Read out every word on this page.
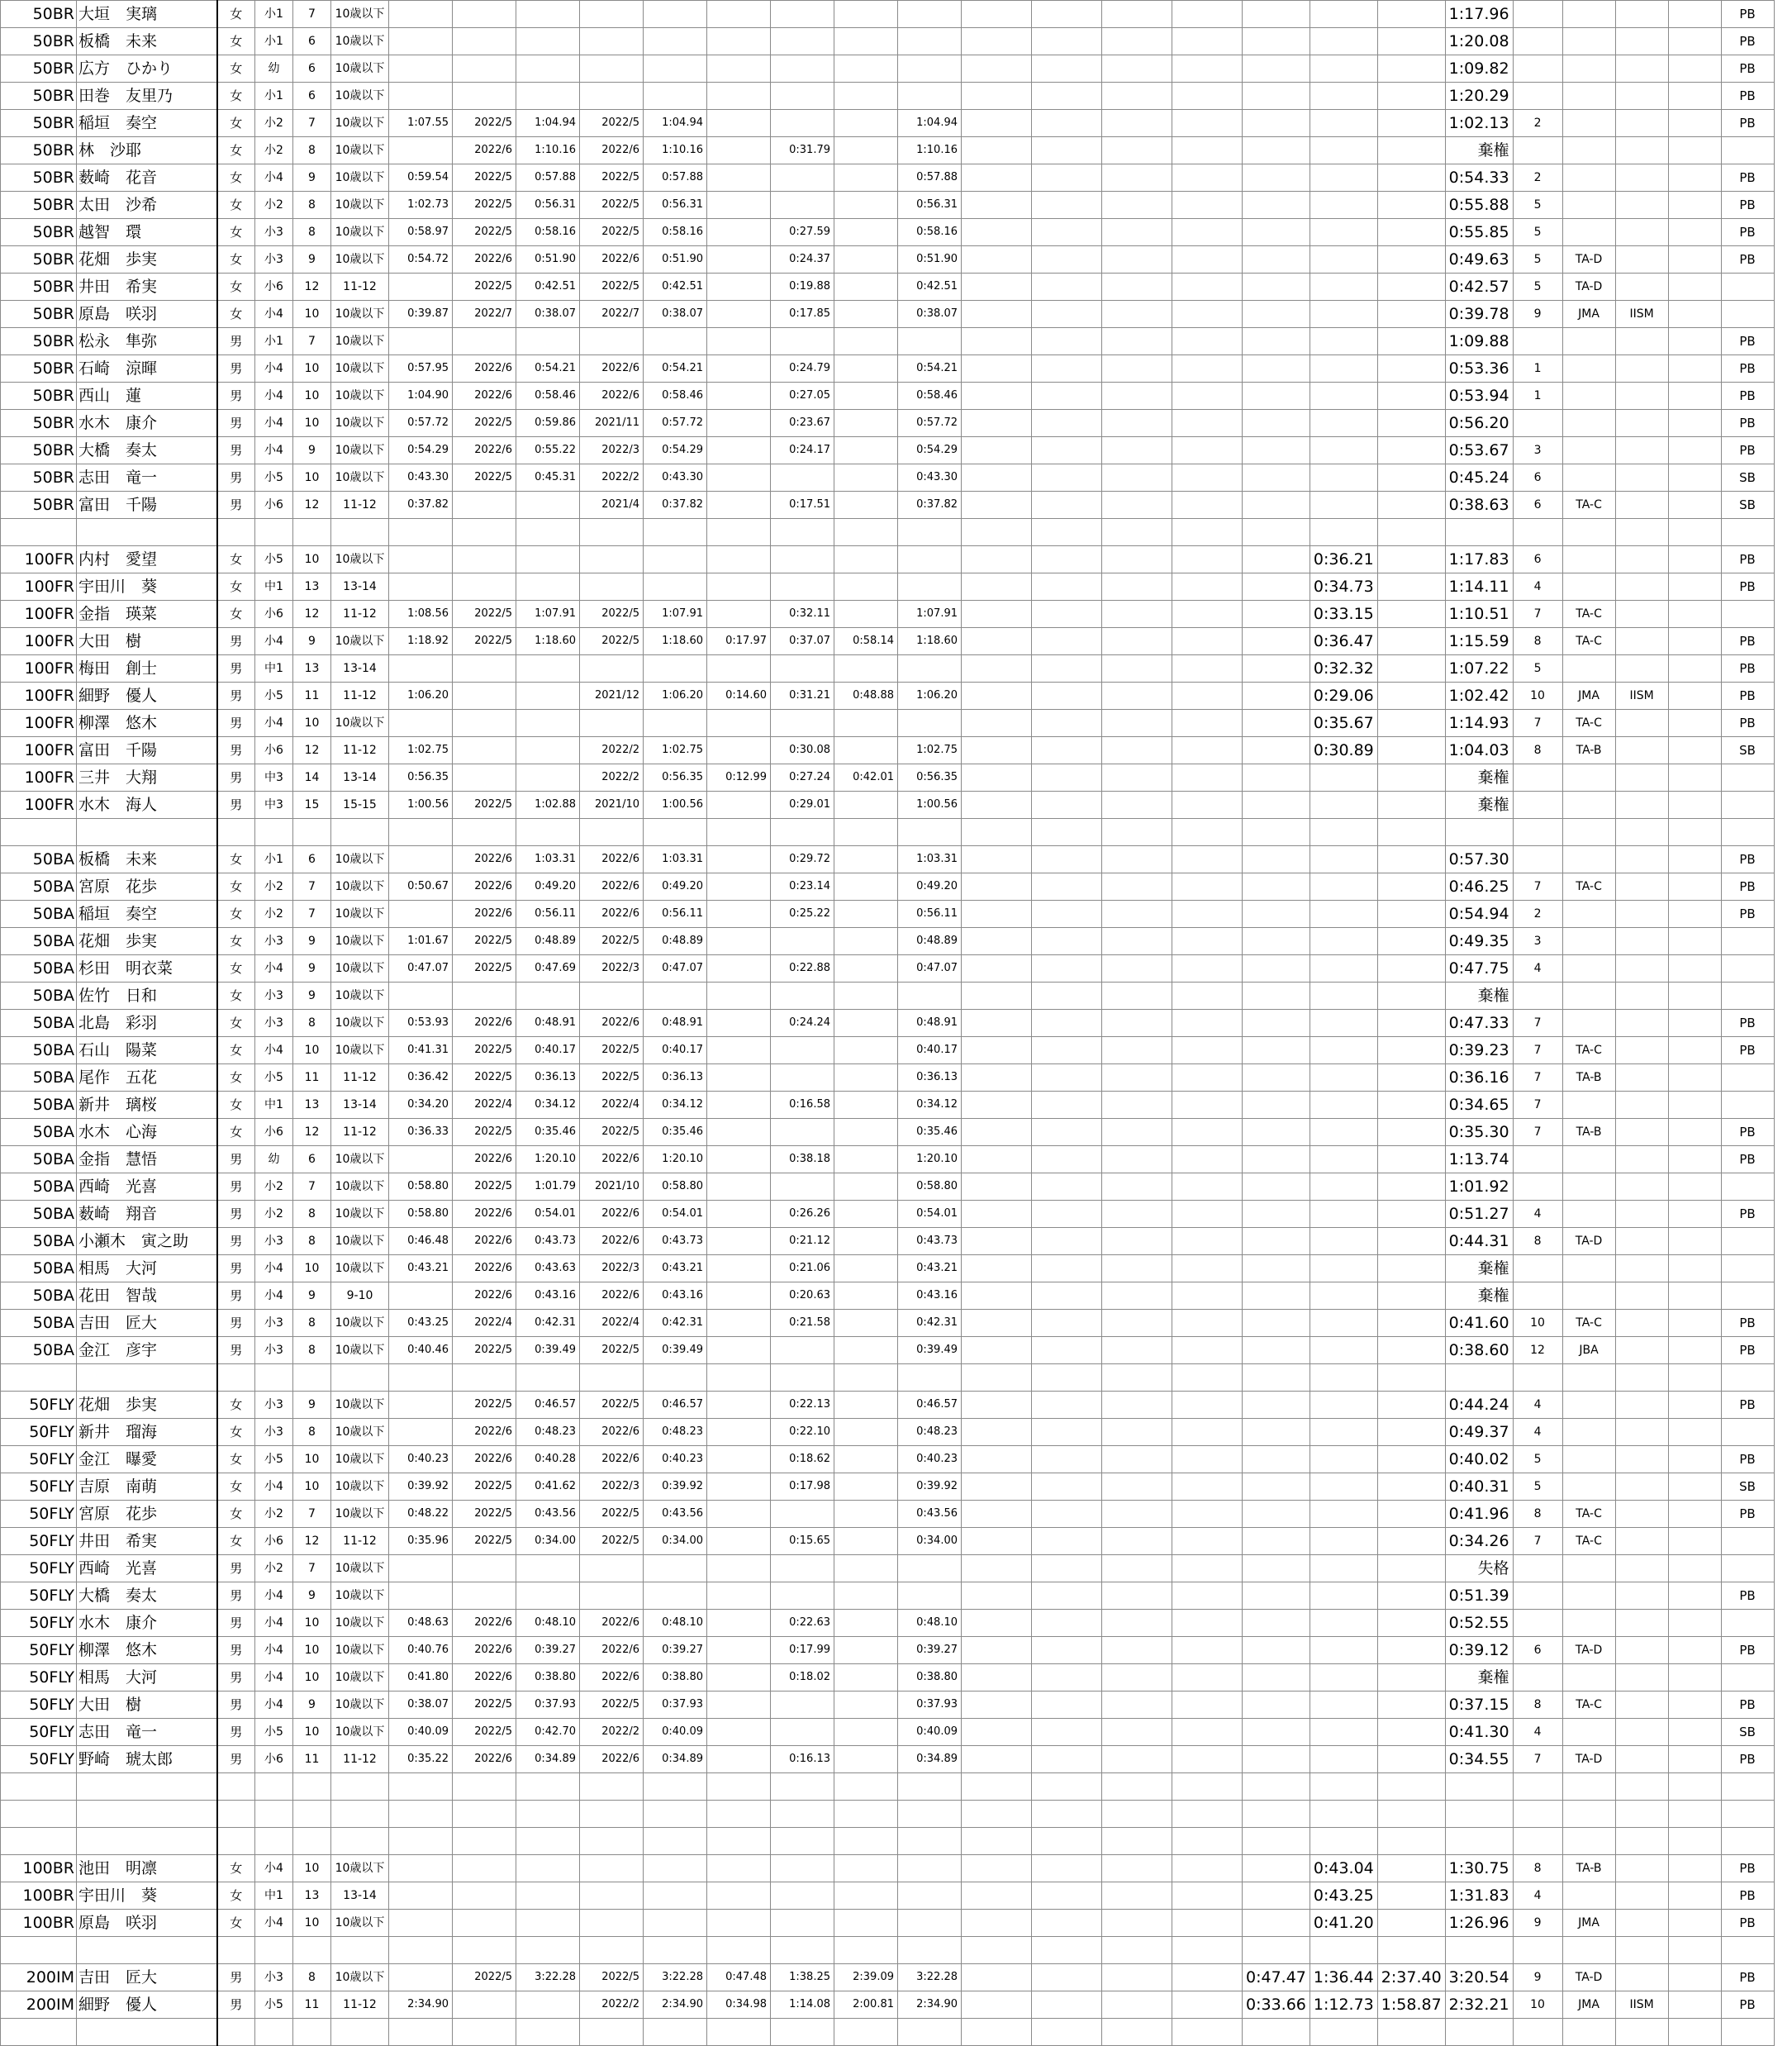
50BR	大垣　実璃	女	小1	7	10歳以下																	1:17.96					PB
50BR	板橋　未来	女	小1	6	10歳以下																	1:20.08					PB
50BR	広方　ひかり	女	幼	6	10歳以下																	1:09.82					PB
50BR	田巻　友里乃	女	小1	6	10歳以下																	1:20.29					PB
50BR	稲垣　奏空	女	小2	7	10歳以下	1:07.55	2022/5	1:04.94	2022/5	1:04.94				1:04.94								1:02.13	2				PB
50BR	林　沙耶	女	小2	8	10歳以下		2022/6	1:10.16	2022/6	1:10.16		0:31.79		1:10.16								棄権					
50BR	薮崎　花音	女	小4	9	10歳以下	0:59.54	2022/5	0:57.88	2022/5	0:57.88				0:57.88								0:54.33	2				PB
50BR	太田　沙希	女	小2	8	10歳以下	1:02.73	2022/5	0:56.31	2022/5	0:56.31				0:56.31								0:55.88	5				PB
50BR	越智　環	女	小3	8	10歳以下	0:58.97	2022/5	0:58.16	2022/5	0:58.16		0:27.59		0:58.16								0:55.85	5				PB
50BR	花畑　歩実	女	小3	9	10歳以下	0:54.72	2022/6	0:51.90	2022/6	0:51.90		0:24.37		0:51.90								0:49.63	5	TA-D			PB
50BR	井田　希実	女	小6	12	11-12		2022/5	0:42.51	2022/5	0:42.51		0:19.88		0:42.51								0:42.57	5	TA-D			
50BR	原島　咲羽	女	小4	10	10歳以下	0:39.87	2022/7	0:38.07	2022/7	0:38.07		0:17.85		0:38.07								0:39.78	9	JMA	IISM		
50BR	松永　隼弥	男	小1	7	10歳以下																	1:09.88					PB
50BR	石崎　涼暉	男	小4	10	10歳以下	0:57.95	2022/6	0:54.21	2022/6	0:54.21		0:24.79		0:54.21								0:53.36	1				PB
50BR	西山　蓮	男	小4	10	10歳以下	1:04.90	2022/6	0:58.46	2022/6	0:58.46		0:27.05		0:58.46								0:53.94	1				PB
50BR	水木　康介	男	小4	10	10歳以下	0:57.72	2022/5	0:59.86	2021/11	0:57.72		0:23.67		0:57.72								0:56.20					PB
50BR	大橋　奏太	男	小4	9	10歳以下	0:54.29	2022/6	0:55.22	2022/3	0:54.29		0:24.17		0:54.29								0:53.67	3				PB
50BR	志田　竜一	男	小5	10	10歳以下	0:43.30	2022/5	0:45.31	2022/2	0:43.30				0:43.30								0:45.24	6				SB
50BR	富田　千陽	男	小6	12	11-12	0:37.82			2021/4	0:37.82		0:17.51		0:37.82								0:38.63	6	TA-C			SB

100FR	内村　愛望	女	小5	10	10歳以下															0:36.21		1:17.83	6				PB
100FR	宇田川　葵	女	中1	13	13-14															0:34.73		1:14.11	4				PB
100FR	金指　瑛菜	女	小6	12	11-12	1:08.56	2022/5	1:07.91	2022/5	1:07.91		0:32.11		1:07.91						0:33.15		1:10.51	7	TA-C			
100FR	大田　樹	男	小4	9	10歳以下	1:18.92	2022/5	1:18.60	2022/5	1:18.60	0:17.97	0:37.07	0:58.14	1:18.60						0:36.47		1:15.59	8	TA-C			PB
100FR	梅田　創士	男	中1	13	13-14															0:32.32		1:07.22	5				PB
100FR	細野　優人	男	小5	11	11-12	1:06.20			2021/12	1:06.20	0:14.60	0:31.21	0:48.88	1:06.20						0:29.06		1:02.42	10	JMA	IISM		PB
100FR	柳澤　悠木	男	小4	10	10歳以下															0:35.67		1:14.93	7	TA-C			PB
100FR	富田　千陽	男	小6	12	11-12	1:02.75			2022/2	1:02.75		0:30.08		1:02.75						0:30.89		1:04.03	8	TA-B			SB
100FR	三井　大翔	男	中3	14	13-14	0:56.35			2022/2	0:56.35	0:12.99	0:27.24	0:42.01	0:56.35								棄権					
100FR	水木　海人	男	中3	15	15-15	1:00.56	2022/5	1:02.88	2021/10	1:00.56		0:29.01		1:00.56								棄権					

50BA	板橋　未来	女	小1	6	10歳以下		2022/6	1:03.31	2022/6	1:03.31		0:29.72		1:03.31								0:57.30					PB
50BA	宮原　花歩	女	小2	7	10歳以下	0:50.67	2022/6	0:49.20	2022/6	0:49.20		0:23.14		0:49.20								0:46.25	7	TA-C			PB
50BA	稲垣　奏空	女	小2	7	10歳以下		2022/6	0:56.11	2022/6	0:56.11		0:25.22		0:56.11								0:54.94	2				PB
50BA	花畑　歩実	女	小3	9	10歳以下	1:01.67	2022/5	0:48.89	2022/5	0:48.89				0:48.89								0:49.35	3				
50BA	杉田　明衣菜	女	小4	9	10歳以下	0:47.07	2022/5	0:47.69	2022/3	0:47.07		0:22.88		0:47.07								0:47.75	4				
50BA	佐竹　日和	女	小3	9	10歳以下																	棄権					
50BA	北島　彩羽	女	小3	8	10歳以下	0:53.93	2022/6	0:48.91	2022/6	0:48.91		0:24.24		0:48.91								0:47.33	7				PB
50BA	石山　陽菜	女	小4	10	10歳以下	0:41.31	2022/5	0:40.17	2022/5	0:40.17				0:40.17								0:39.23	7	TA-C			PB
50BA	尾作　五花	女	小5	11	11-12	0:36.42	2022/5	0:36.13	2022/5	0:36.13				0:36.13								0:36.16	7	TA-B			
50BA	新井　璃桜	女	中1	13	13-14	0:34.20	2022/4	0:34.12	2022/4	0:34.12		0:16.58		0:34.12								0:34.65	7				
50BA	水木　心海	女	小6	12	11-12	0:36.33	2022/5	0:35.46	2022/5	0:35.46				0:35.46								0:35.30	7	TA-B			PB
50BA	金指　慧悟	男	幼	6	10歳以下		2022/6	1:20.10	2022/6	1:20.10		0:38.18		1:20.10								1:13.74					PB
50BA	西崎　光喜	男	小2	7	10歳以下	0:58.80	2022/5	1:01.79	2021/10	0:58.80				0:58.80								1:01.92					
50BA	薮崎　翔音	男	小2	8	10歳以下	0:58.80	2022/6	0:54.01	2022/6	0:54.01		0:26.26		0:54.01								0:51.27	4				PB
50BA	小瀬木　寅之助	男	小3	8	10歳以下	0:46.48	2022/6	0:43.73	2022/6	0:43.73		0:21.12		0:43.73								0:44.31	8	TA-D			
50BA	相馬　大河	男	小4	10	10歳以下	0:43.21	2022/6	0:43.63	2022/3	0:43.21		0:21.06		0:43.21								棄権					
50BA	花田　智哉	男	小4	9	9-10		2022/6	0:43.16	2022/6	0:43.16		0:20.63		0:43.16								棄権					
50BA	吉田　匠大	男	小3	8	10歳以下	0:43.25	2022/4	0:42.31	2022/4	0:42.31		0:21.58		0:42.31								0:41.60	10	TA-C			PB
50BA	金江　彦宇	男	小3	8	10歳以下	0:40.46	2022/5	0:39.49	2022/5	0:39.49				0:39.49								0:38.60	12	JBA			PB

50FLY	花畑　歩実	女	小3	9	10歳以下		2022/5	0:46.57	2022/5	0:46.57		0:22.13		0:46.57								0:44.24	4				PB
50FLY	新井　瑠海	女	小3	8	10歳以下		2022/6	0:48.23	2022/6	0:48.23		0:22.10		0:48.23								0:49.37	4				
50FLY	金江　曝愛	女	小5	10	10歳以下	0:40.23	2022/6	0:40.28	2022/6	0:40.23		0:18.62		0:40.23								0:40.02	5				PB
50FLY	吉原　南萌	女	小4	10	10歳以下	0:39.92	2022/5	0:41.62	2022/3	0:39.92		0:17.98		0:39.92								0:40.31	5				SB
50FLY	宮原　花歩	女	小2	7	10歳以下	0:48.22	2022/5	0:43.56	2022/5	0:43.56				0:43.56								0:41.96	8	TA-C			PB
50FLY	井田　希実	女	小6	12	11-12	0:35.96	2022/5	0:34.00	2022/5	0:34.00		0:15.65		0:34.00								0:34.26	7	TA-C			
50FLY	西崎　光喜	男	小2	7	10歳以下																	失格					
50FLY	大橋　奏太	男	小4	9	10歳以下																	0:51.39					PB
50FLY	水木　康介	男	小4	10	10歳以下	0:48.63	2022/6	0:48.10	2022/6	0:48.10		0:22.63		0:48.10								0:52.55					
50FLY	柳澤　悠木	男	小4	10	10歳以下	0:40.76	2022/6	0:39.27	2022/6	0:39.27		0:17.99		0:39.27								0:39.12	6	TA-D			PB
50FLY	相馬　大河	男	小4	10	10歳以下	0:41.80	2022/6	0:38.80	2022/6	0:38.80		0:18.02		0:38.80								棄権					
50FLY	大田　樹	男	小4	9	10歳以下	0:38.07	2022/5	0:37.93	2022/5	0:37.93				0:37.93								0:37.15	8	TA-C			PB
50FLY	志田　竜一	男	小5	10	10歳以下	0:40.09	2022/5	0:42.70	2022/2	0:40.09				0:40.09								0:41.30	4				SB
50FLY	野崎　琥太郎	男	小6	11	11-12	0:35.22	2022/6	0:34.89	2022/6	0:34.89		0:16.13		0:34.89								0:34.55	7	TA-D			PB

100BR	池田　明凛	女	小4	10	10歳以下															0:43.04		1:30.75	8	TA-B			PB
100BR	宇田川　葵	女	中1	13	13-14															0:43.25		1:31.83	4				PB
100BR	原島　咲羽	女	小4	10	10歳以下															0:41.20		1:26.96	9	JMA			PB

200IM	吉田　匠大	男	小3	8	10歳以下		2022/5	3:22.28	2022/5	3:22.28	0:47.48	1:38.25	2:39.09	3:22.28					0:47.47	1:36.44	2:37.40	3:20.54	9	TA-D			PB
200IM	細野　優人	男	小5	11	11-12	2:34.90			2022/2	2:34.90	0:34.98	1:14.08	2:00.81	2:34.90					0:33.66	1:12.73	1:58.87	2:32.21	10	JMA	IISM		PB
